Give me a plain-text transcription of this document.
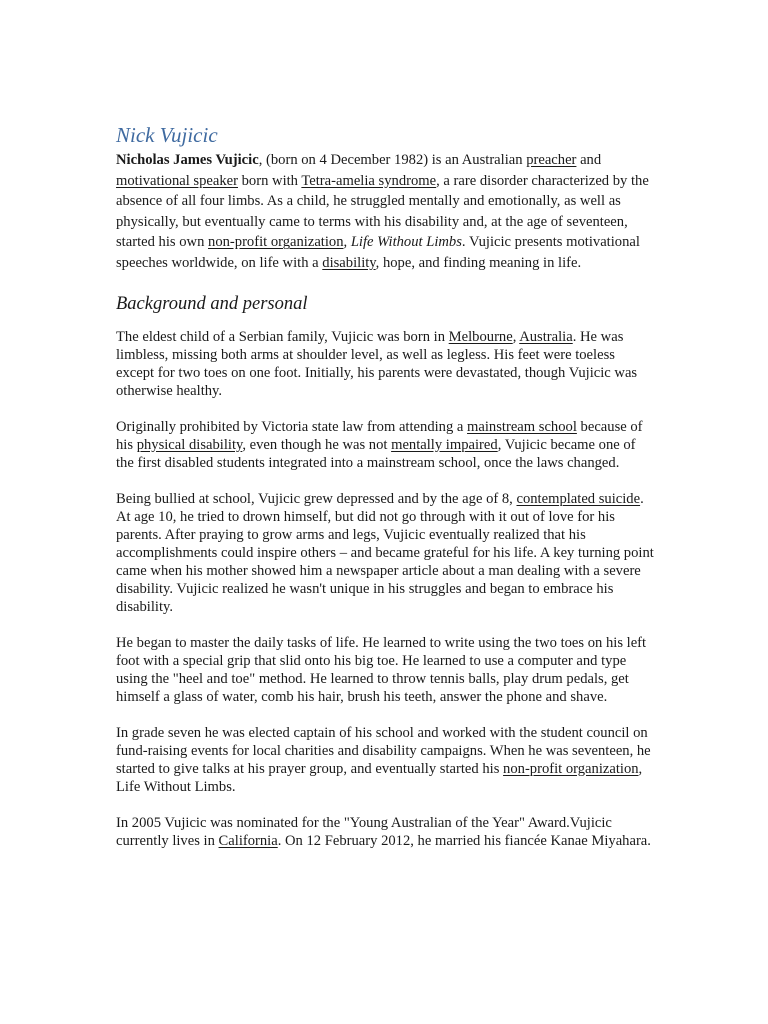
Nick Vujicic

Nicholas James Vujicic, (born on 4 December 1982) is an Australian preacher and motivational speaker born with Tetra-amelia syndrome, a rare disorder characterized by the absence of all four limbs. As a child, he struggled mentally and emotionally, as well as physically, but eventually came to terms with his disability and, at the age of seventeen, started his own non-profit organization, Life Without Limbs. Vujicic presents motivational speeches worldwide, on life with a disability, hope, and finding meaning in life.

Background and personal

The eldest child of a Serbian family, Vujicic was born in Melbourne, Australia. He was limbless, missing both arms at shoulder level, as well as legless. His feet were toeless except for two toes on one foot. Initially, his parents were devastated, though Vujicic was otherwise healthy.

Originally prohibited by Victoria state law from attending a mainstream school because of his physical disability, even though he was not mentally impaired, Vujicic became one of the first disabled students integrated into a mainstream school, once the laws changed.

Being bullied at school, Vujicic grew depressed and by the age of 8, contemplated suicide. At age 10, he tried to drown himself, but did not go through with it out of love for his parents. After praying to grow arms and legs, Vujicic eventually realized that his accomplishments could inspire others – and became grateful for his life. A key turning point came when his mother showed him a newspaper article about a man dealing with a severe disability. Vujicic realized he wasn't unique in his struggles and began to embrace his disability.

He began to master the daily tasks of life. He learned to write using the two toes on his left foot with a special grip that slid onto his big toe. He learned to use a computer and type using the "heel and toe" method. He learned to throw tennis balls, play drum pedals, get himself a glass of water, comb his hair, brush his teeth, answer the phone and shave.

In grade seven he was elected captain of his school and worked with the student council on fund-raising events for local charities and disability campaigns. When he was seventeen, he started to give talks at his prayer group, and eventually started his non-profit organization, Life Without Limbs.

In 2005 Vujicic was nominated for the "Young Australian of the Year" Award.Vujicic currently lives in California. On 12 February 2012, he married his fiancée Kanae Miyahara.
